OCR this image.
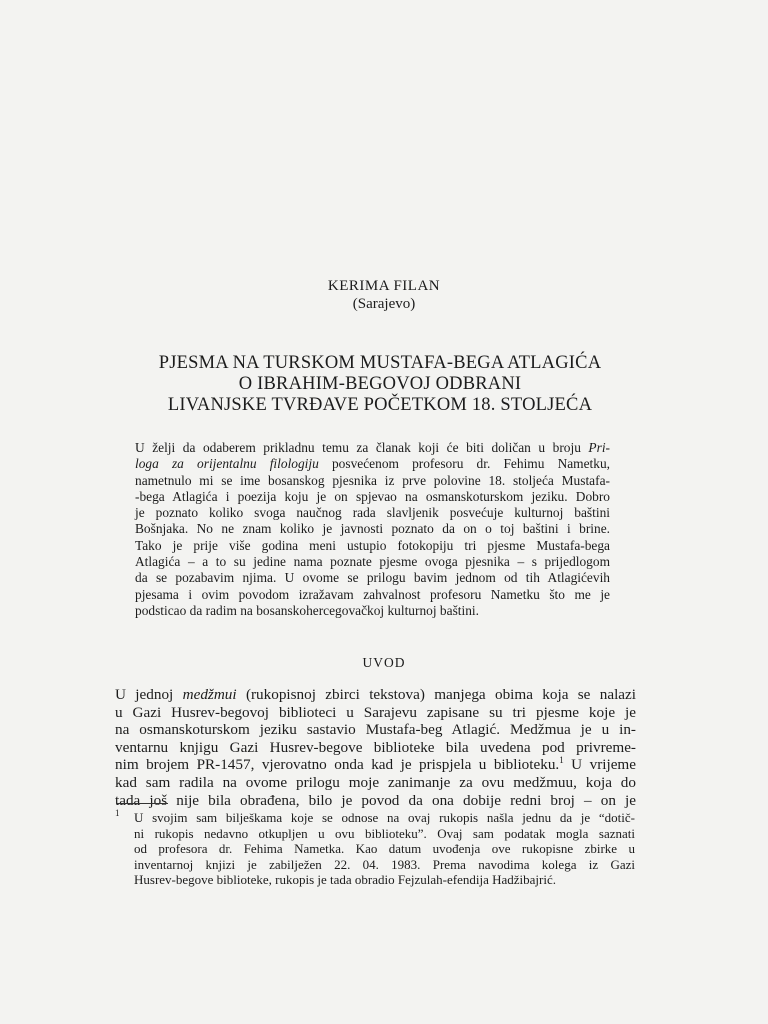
KERIMA FILAN
(Sarajevo)
PJESMA NA TURSKOM MUSTAFA-BEGA ATLAGIĆA
O IBRAHIM-BEGOVOJ ODBRANI
LIVANJSKE TVRĐAVE POČETKOM 18. STOLJEĆA
U želji da odaberem prikladnu temu za članak koji će biti doličan u broju Pri-
loga za orijentalnu filologiju posvećenom profesoru dr. Fehimu Nametku,
nametnulo mi se ime bosanskog pjesnika iz prve polovine 18. stoljeća Mustafa-
-bega Atlagića i poezija koju je on spjevao na osmanskoturskom jeziku. Dobro
je poznato koliko svoga naučnog rada slavljenik posvećuje kulturnoj baštini
Bošnjaka. No ne znam koliko je javnosti poznato da on o toj baštini i brine.
Tako je prije više godina meni ustupio fotokopiju tri pjesme Mustafa-bega
Atlagića – a to su jedine nama poznate pjesme ovoga pjesnika – s prijedlogom
da se pozabavim njima. U ovome se prilogu bavim jednom od tih Atlagićevih
pjesama i ovim povodom izražavam zahvalnost profesoru Nametku što me je
podsticao da radim na bosanskohercegovačkoj kulturnoj baštini.
UVOD
U jednoj medžmui (rukopisnoj zbirci tekstova) manjega obima koja se nalazi
u Gazi Husrev-begovoj biblioteci u Sarajevu zapisane su tri pjesme koje je
na osmanskoturskom jeziku sastavio Mustafa-beg Atlagić. Medžmua je u in-
ventarnu knjigu Gazi Husrev-begove biblioteke bila uvedena pod privreme-
nim brojem PR-1457, vjerovatno onda kad je prispjela u biblioteku.$^1$ U vrijeme
kad sam radila na ovome prilogu moje zanimanje za ovu medžmuu, koja do
tada još nije bila obrađena, bilo je povod da ona dobije redni broj – on je
1 U svojim sam bilješkama koje se odnose na ovaj rukopis našla jednu da je “dotič-
ni rukopis nedavno otkupljen u ovu biblioteku”. Ovaj sam podatak mogla saznati
od profesora dr. Fehima Nametka. Kao datum uvođenja ove rukopisne zbirke u
inventarnoj knjizi je zabilježen 22. 04. 1983. Prema navodima kolega iz Gazi
Husrev-begove biblioteke, rukopis je tada obradio Fejzulah-efendija Hadžibajrić.
